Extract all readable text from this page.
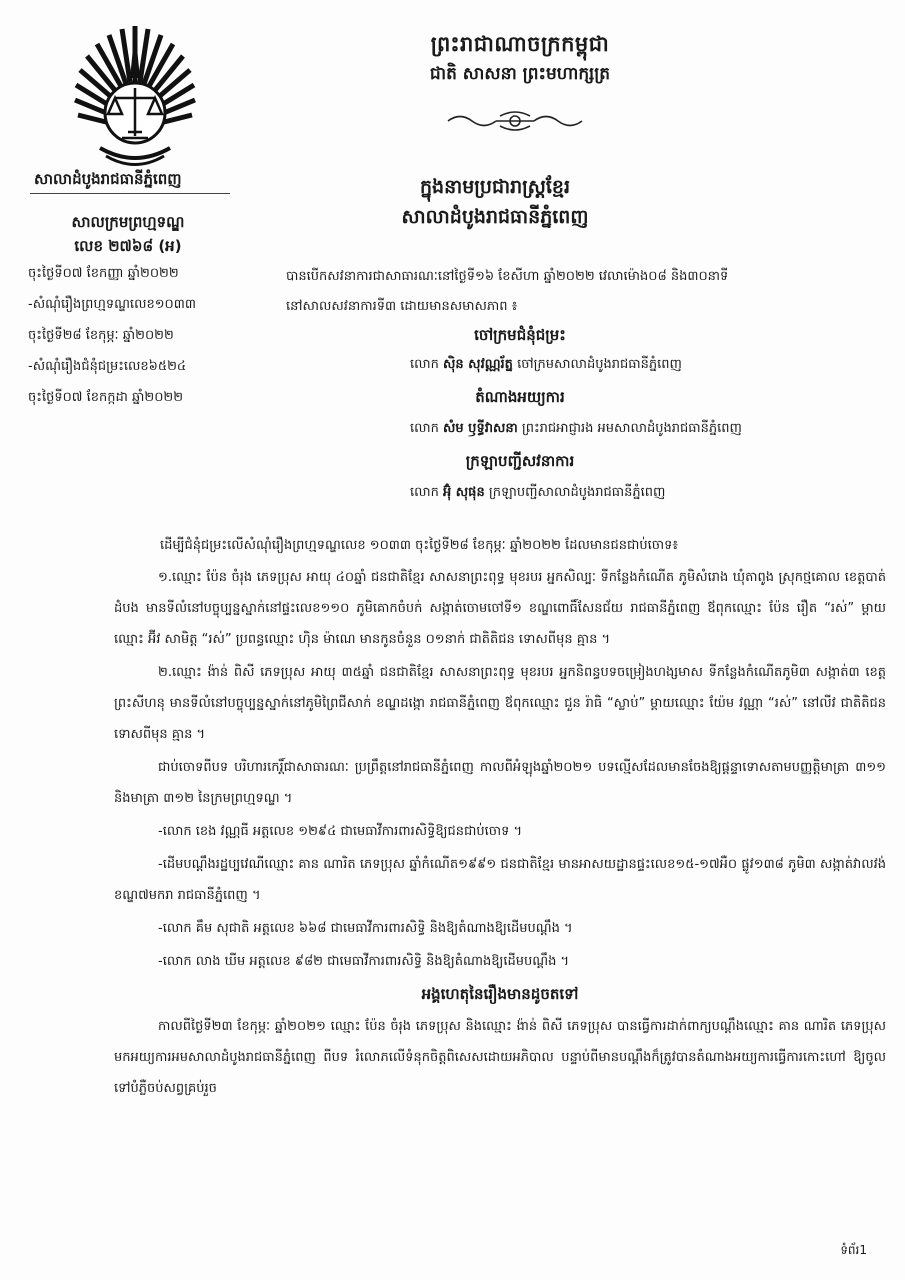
សាលាដំបូងរាជធានីភ្នំពេញ
សាលក្រមព្រហ្មទណ្ឌ
លេខ ២៧៦៨ (អ)
ចុះថ្ងៃទី០៧ ខែកញ្ញា ឆ្នាំ២០២២
-សំណុំរឿងព្រហ្មទណ្ឌលេខ១០៣៣
ចុះថ្ងៃទី២៨ ខែកុម្ភៈ ឆ្នាំ២០២២
-សំណុំរឿងជំនុំជម្រះលេខ៦៥២៤
ចុះថ្ងៃទី០៧ ខែកក្កដា ឆ្នាំ២០២២
ព្រះរាជាណាចក្រកម្ពុជា
ជាតិ សាសនា ព្រះមហាក្សត្រ
ក្នុងនាមប្រជារាស្ត្រខ្មែរ
សាលាដំបូងរាជធានីភ្នំពេញ
បានបើកសវនាការជាសាធារណៈនៅថ្ងៃទី១៦ ខែសីហា ឆ្នាំ២០២២ វេលាម៉ោង០៨ និង៣០នាទី
នៅសាលសវនាការទី៣ ដោយមានសមាសភាព ៖
ចៅក្រមជំនុំជម្រះ
លោក ស៊ិន សុវណ្ណរ័ត្ន ចៅក្រមសាលាដំបូងរាជធានីភ្នំពេញ
តំណាងអយ្យការ
លោក សំម ឫទ្ធីវាសនា ព្រះរាជអាជ្ញារង អមសាលាដំបូងរាជធានីភ្នំពេញ
ក្រឡាបញ្ជីសវនាការ
លោក អ៊ុំ សុផុន ក្រឡាបញ្ជីសាលាដំបូងរាជធានីភ្នំពេញ

ដើម្បីជំនុំជម្រះលើសំណុំរឿងព្រហ្មទណ្ឌលេខ ១០៣៣ ចុះថ្ងៃទី២៨ ខែកុម្ភៈ ឆ្នាំ២០២២ ដែលមានជនជាប់ចោទ៖

១.ឈ្មោះ ប៉ែន ចំរុង ភេទប្រុស អាយុ ៤០ឆ្នាំ ជនជាតិខ្មែរ សាសនាព្រះពុទ្ធ មុខរបរ អ្នកសិល្បៈ ទីកន្លែងកំណើត ភូមិសំរោង ឃុំតាពូង ស្រុកថ្មគោល ខេត្តបាត់ដំបង មានទីលំនៅបច្ចុប្បន្នស្នាក់នៅផ្ទះលេខ១១០ ភូមិគោកចំបក់ សង្កាត់ចោមចៅទី១ ខណ្ឌពោធិ៍សែនជ័យ រាជធានីភ្នំពេញ ឪពុកឈ្មោះ ប៉ែន រឿត “រស់” ម្តាយឈ្មោះ អ៊ីវ សាមិត្ត “រស់” ប្រពន្ធឈ្មោះ ហ៊ិន ម៉ាណេ មានកូនចំនួន ០១នាក់ ជាតិតិជន ទោសពីមុន គ្មាន ។

២.ឈ្មោះ ង៉ាន់ ពិសី ភេទប្រុស អាយុ ៣៥ឆ្នាំ ជនជាតិខ្មែរ សាសនាព្រះពុទ្ធ មុខរបរ អ្នកនិពន្ធបទចម្រៀងហង្សមាស ទីកន្លែងកំណើតភូមិ៣ សង្កាត់៣ ខេត្តព្រះសីហនុ មានទីលំនៅបច្ចុប្បន្នស្នាក់នៅភូមិព្រៃជីសាក់ ខណ្ឌដង្កោ រាជធានីភ្នំពេញ ឪពុកឈ្មោះ ជួន រ៉ាធិ “ស្លាប់” ម្តាយឈ្មោះ យ៉ែម វណ្ណា “រស់” នៅលីវ ជាតិតិជន ទោសពីមុន គ្មាន ។

ជាប់ចោទពីបទ បរិហារកេរ្តិ៍ជាសាធារណៈ ប្រព្រឹត្តនៅរាជធានីភ្នំពេញ កាលពីអំឡុងឆ្នាំ២០២១ បទល្មើសដែលមានចែងឱ្យផ្តន្ទាទោសតាមបញ្ញត្តិមាត្រា ៣១១ និងមាត្រា ៣១២ នៃក្រមព្រហ្មទណ្ឌ ។

-លោក ខេង វណ្ណធី អត្តលេខ ១២៩៤ ជាមេធាវីការពារសិទ្ធិឱ្យជនជាប់ចោទ ។

-ដើមបណ្តឹងរដ្ឋប្បវេណីឈ្មោះ គាន ណារិត ភេទប្រុស ឆ្នាំកំណើត១៩៩១ ជនជាតិខ្មែរ មានអាសយដ្ឋានផ្ទះលេខ១៥-១៧អឺ០ ផ្លូវ១៣៨ ភូមិ៣ សង្កាត់វាលវង់ ខណ្ឌ៧មករា រាជធានីភ្នំពេញ ។

-លោក គឹម សុជាតិ អត្តលេខ ៦៦៨ ជាមេធាវីការពារសិទ្ធិ និងឱ្យតំណាងឱ្យដើមបណ្តឹង ។

-លោក លាង ឃីម អត្តលេខ ៩៨២ ជាមេធាវីការពារសិទ្ធិ និងឱ្យតំណាងឱ្យដើមបណ្តឹង ។

អង្គហេតុនៃរឿងមានដូចតទៅ

កាលពីថ្ងៃទី២៣ ខែកុម្ភៈ ឆ្នាំ២០២១ ឈ្មោះ ប៉ែន ចំរុង ភេទប្រុស និងឈ្មោះ ង៉ាន់ ពិសី ភេទប្រុស បានធ្វើការដាក់ពាក្យបណ្តឹងឈ្មោះ គាន ណារិត ភេទប្រុស មកអយ្យការអមសាលាដំបូងរាជធានីភ្នំពេញ ពីបទ រំលោភលើទំនុកចិត្តពិសេសដោយអភិបាល បន្ទាប់ពីមានបណ្តឹងក៏ត្រូវបានតំណាងអយ្យការធ្វើការកោះហៅ ឱ្យចូលទៅបំភ្លឺចប់សព្វគ្រប់រួច

ទំព័រ1
